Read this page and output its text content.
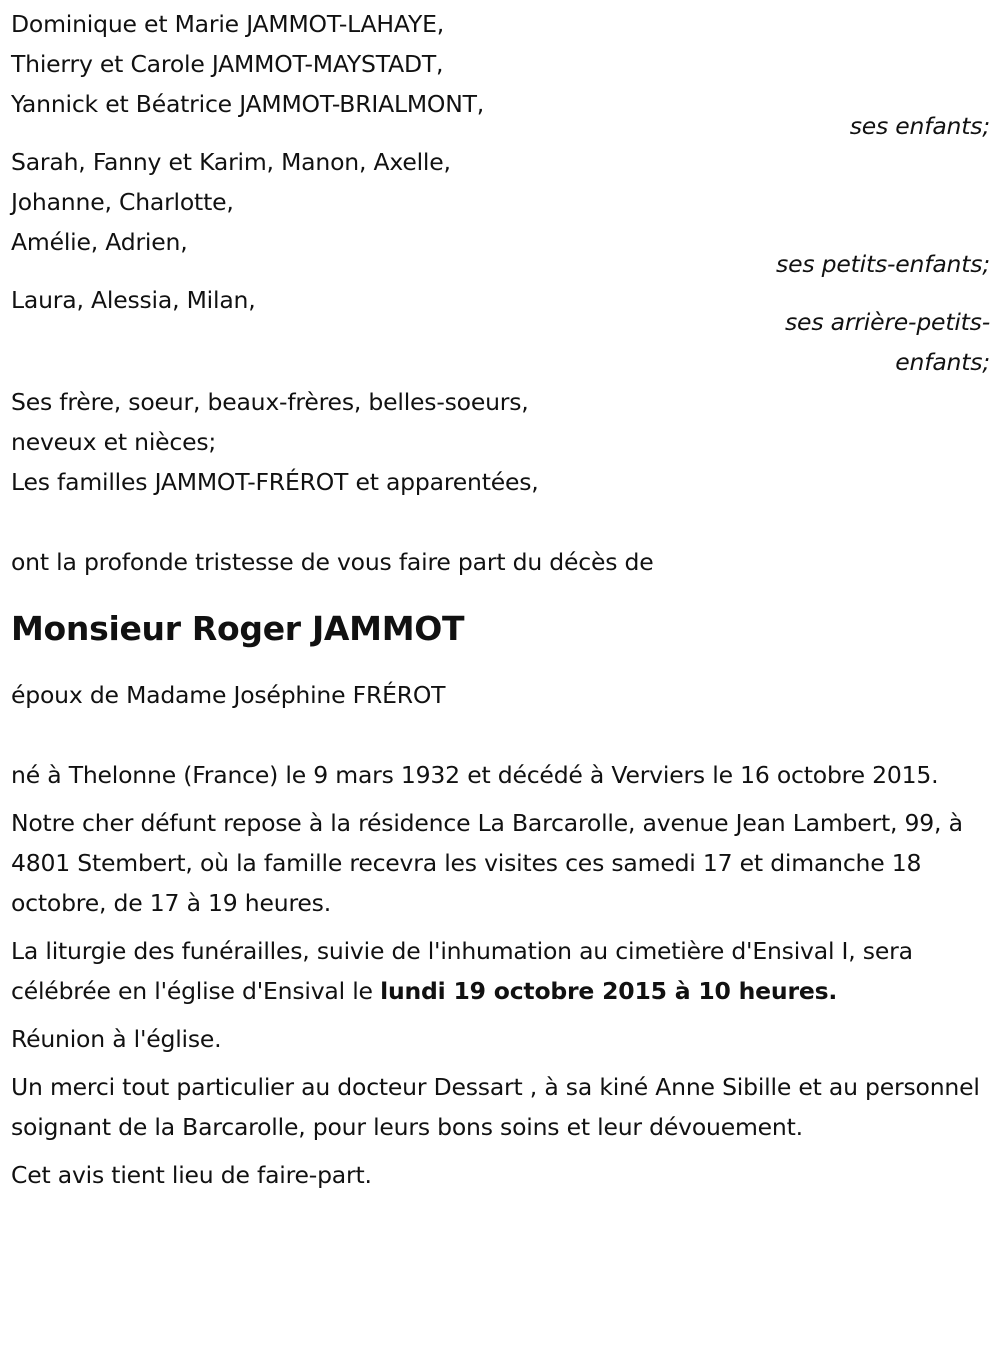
Dominique et Marie JAMMOT-LAHAYE,
Thierry et Carole JAMMOT-MAYSTADT,
Yannick et Béatrice JAMMOT-BRIALMONT,
ses enfants;
Sarah, Fanny et Karim, Manon, Axelle,
Johanne, Charlotte,
Amélie, Adrien,
ses petits-enfants;
Laura, Alessia, Milan,
ses arrière-petits-
enfants;
Ses frère, soeur, beaux-frères, belles-soeurs,
neveux et nièces;
Les familles JAMMOT-FRÉROT et apparentées,
ont la profonde tristesse de vous faire part du décès de
Monsieur Roger JAMMOT
époux de Madame Joséphine FRÉROT

né à Thelonne (France) le 9 mars 1932 et décédé à Verviers le 16 octobre 2015.

Notre cher défunt repose à la résidence La Barcarolle, avenue Jean Lambert, 99, à 4801 Stembert, où la famille recevra les visites ces samedi 17 et dimanche 18 octobre, de 17 à 19 heures.

La liturgie des funérailles, suivie de l'inhumation au cimetière d'Ensival I, sera célébrée en l'église d'Ensival le lundi 19 octobre 2015 à 10 heures.

Réunion à l'église.

Un merci tout particulier au docteur Dessart , à sa kiné Anne Sibille et au personnel soignant de la Barcarolle, pour leurs bons soins et leur dévouement.

Cet avis tient lieu de faire-part.
